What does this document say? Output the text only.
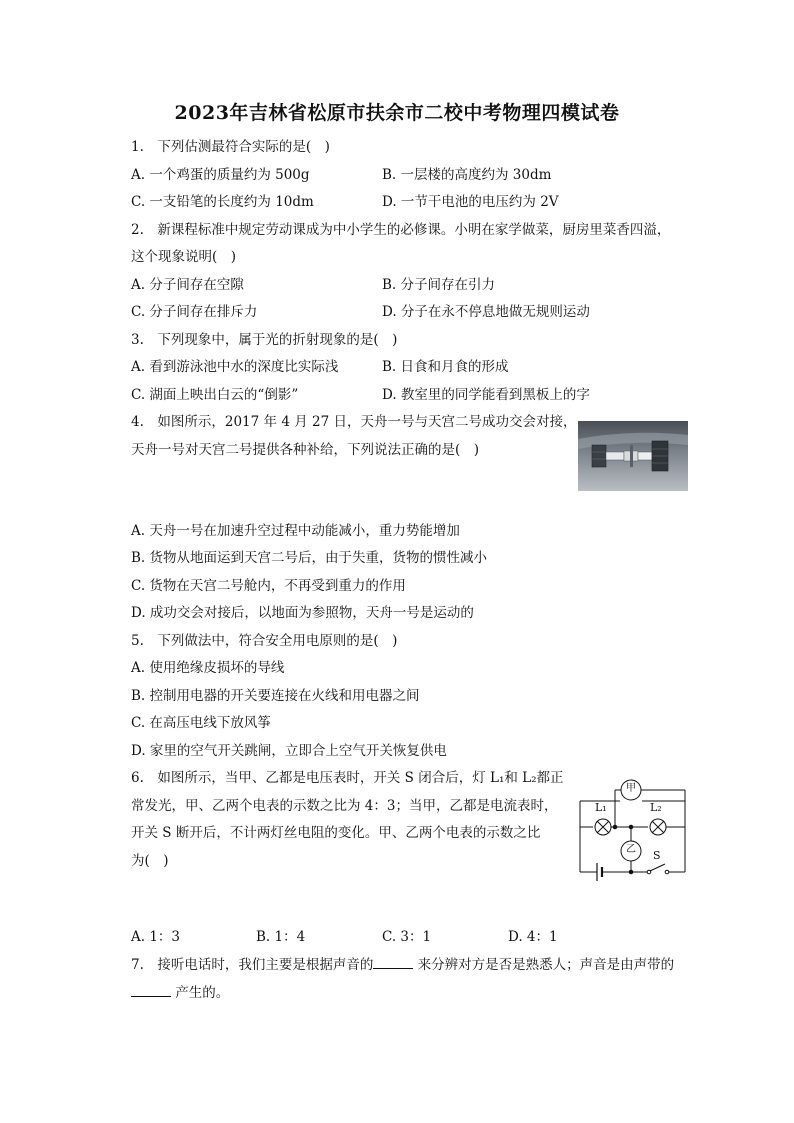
2023年吉林省松原市扶余市二校中考物理四模试卷
1.　下列估测最符合实际的是(　)
A. 一个鸡蛋的质量约为 500g	B. 一层楼的高度约为 30dm
C. 一支铅笔的长度约为 10dm	D. 一节干电池的电压约为 2V
2.　新课程标准中规定劳动课成为中小学生的必修课。小明在家学做菜，厨房里菜香四溢，
这个现象说明(　)
A. 分子间存在空隙	B. 分子间存在引力
C. 分子间存在排斥力	D. 分子在永不停息地做无规则运动
3.　下列现象中，属于光的折射现象的是(　)
A. 看到游泳池中水的深度比实际浅	B. 日食和月食的形成
C. 湖面上映出白云的“倒影”	D. 教室里的同学能看到黑板上的字
4.　如图所示，2017 年 4 月 27 日，天舟一号与天宫二号成功交会对接，
天舟一号对天宫二号提供各种补给，下列说法正确的是(　)
A. 天舟一号在加速升空过程中动能减小，重力势能增加
B. 货物从地面运到天宫二号后，由于失重，货物的惯性减小
C. 货物在天宫二号舱内，不再受到重力的作用
D. 成功交会对接后，以地面为参照物，天舟一号是运动的
5.　下列做法中，符合安全用电原则的是(　)
A. 使用绝缘皮损坏的导线
B. 控制用电器的开关要连接在火线和用电器之间
C. 在高压电线下放风筝
D. 家里的空气开关跳闸，立即合上空气开关恢复供电
6.　如图所示，当甲、乙都是电压表时，开关 S 闭合后，灯 L₁和 L₂都正
常发光，甲、乙两个电表的示数之比为 4：3；当甲，乙都是电流表时，
开关 S 断开后，不计两灯丝电阻的变化。甲、乙两个电表的示数之比
为(　)
甲
乙
L₁	L₂
S
A. 1：3	B. 1：4	C. 3：1	D. 4：1
7.　接听电话时，我们主要是根据声音的	来分辨对方是否是熟悉人；声音是由声带的
产生的。
